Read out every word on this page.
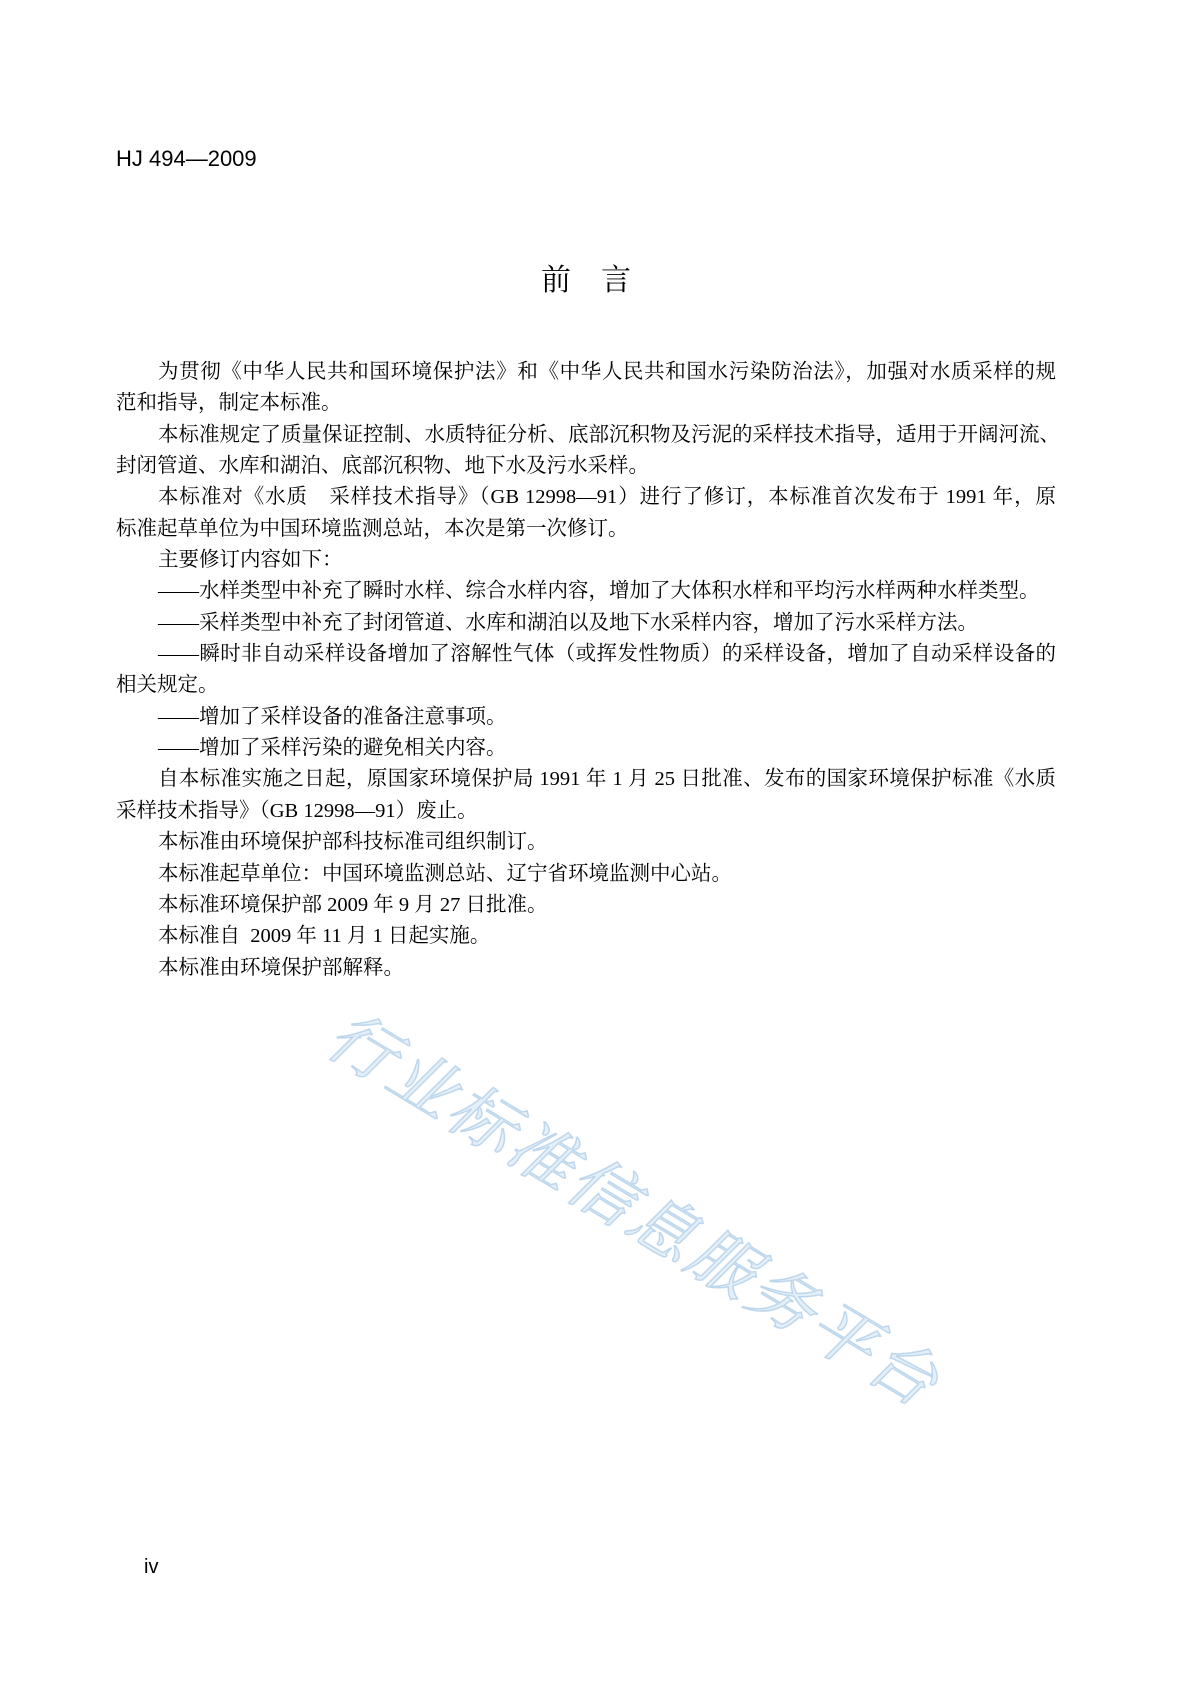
HJ 494—2009
前　言
为贯彻《中华人民共和国环境保护法》和《中华人民共和国水污染防治法》，加强对水质采样的规
范和指导，制定本标准。
本标准规定了质量保证控制、水质特征分析、底部沉积物及污泥的采样技术指导，适用于开阔河流、
封闭管道、水库和湖泊、底部沉积物、地下水及污水采样。
本标准对《水质　采样技术指导》（GB 12998—91）进行了修订，本标准首次发布于 1991 年，原
标准起草单位为中国环境监测总站，本次是第一次修订。
主要修订内容如下：
——水样类型中补充了瞬时水样、综合水样内容，增加了大体积水样和平均污水样两种水样类型。
——采样类型中补充了封闭管道、水库和湖泊以及地下水采样内容，增加了污水采样方法。
——瞬时非自动采样设备增加了溶解性气体（或挥发性物质）的采样设备，增加了自动采样设备的
相关规定。
——增加了采样设备的准备注意事项。
——增加了采样污染的避免相关内容。
自本标准实施之日起，原国家环境保护局 1991 年 1 月 25 日批准、发布的国家环境保护标准《水质
采样技术指导》（GB 12998—91）废止。
本标准由环境保护部科技标准司组织制订。
本标准起草单位：中国环境监测总站、辽宁省环境监测中心站。
本标准环境保护部 2009 年 9 月 27 日批准。
本标准自  2009 年 11 月 1 日起实施。
本标准由环境保护部解释。
行业标准信息服务平台
iv
